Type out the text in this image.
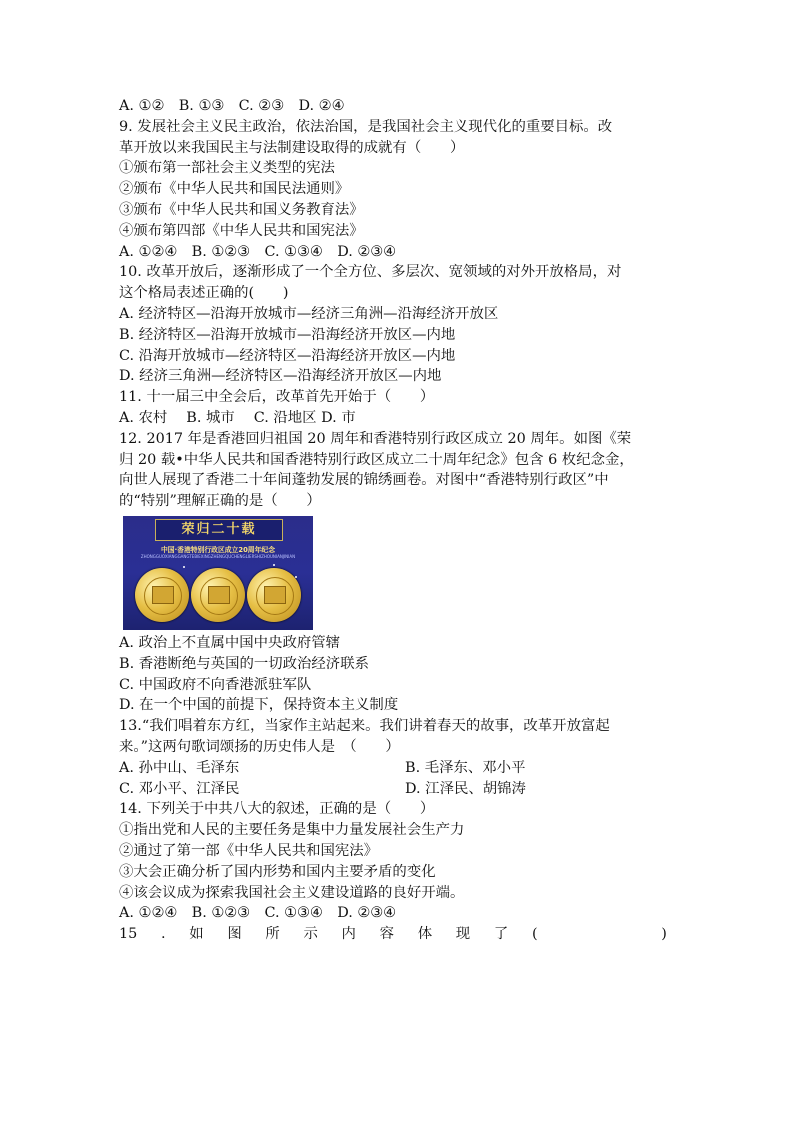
A. ①②　B. ①③　C. ②③　D. ②④
9. 发展社会主义民主政治，依法治国，是我国社会主义现代化的重要目标。改
革开放以来我国民主与法制建设取得的成就有（　　）
①颁布第一部社会主义类型的宪法
②颁布《中华人民共和国民法通则》
③颁布《中华人民共和国义务教育法》
④颁布第四部《中华人民共和国宪法》
A. ①②④　B. ①②③　C. ①③④　D. ②③④
10. 改革开放后，逐渐形成了一个全方位、多层次、宽领域的对外开放格局，对
这个格局表述正确的(　　)
A. 经济特区—沿海开放城市—经济三角洲—沿海经济开放区
B. 经济特区—沿海开放城市—沿海经济开放区—内地
C. 沿海开放城市—经济特区—沿海经济开放区—内地
D. 经济三角洲—经济特区—沿海经济开放区—内地
11. 十一届三中全会后，改革首先开始于（　　）
A. 农村　 B. 城市　 C. 沿地区 D. 市
12. 2017 年是香港回归祖国 20 周年和香港特别行政区成立 20 周年。如图《荣
归 20 载•中华人民共和国香港特别行政区成立二十周年纪念》包含 6 枚纪念金，
向世人展现了香港二十年间蓬勃发展的锦绣画卷。对图中“香港特别行政区”中
的“特别”理解正确的是（　　）
荣归二十载
中国·香港特别行政区成立20周年纪念
ZHONGGUOXIANGGANGTEBIEXINGZHENGQUCHENGLIERSHIZHOUNIANJINIAN
A. 政治上不直属中国中央政府管辖
B. 香港断绝与英国的一切政治经济联系
C. 中国政府不向香港派驻军队
D. 在一个中国的前提下，保持资本主义制度
13.“我们唱着东方红，当家作主站起来。我们讲着春天的故事，改革开放富起
来。”这两句歌词颂扬的历史伟人是　（　　）
A. 孙中山、毛泽东	B. 毛泽东、邓小平
C. 邓小平、江泽民	D. 江泽民、胡锦涛
14. 下列关于中共八大的叙述，正确的是（　　）
①指出党和人民的主要任务是集中力量发展社会生产力
②通过了第一部《中华人民共和国宪法》
③大会正确分析了国内形势和国内主要矛盾的变化
④该会议成为探索我国社会主义建设道路的良好开端。
A. ①②④　B. ①②③　C. ①③④　D. ②③④
15 . 如 图 所 示 内 容 体 现 了 (	)
